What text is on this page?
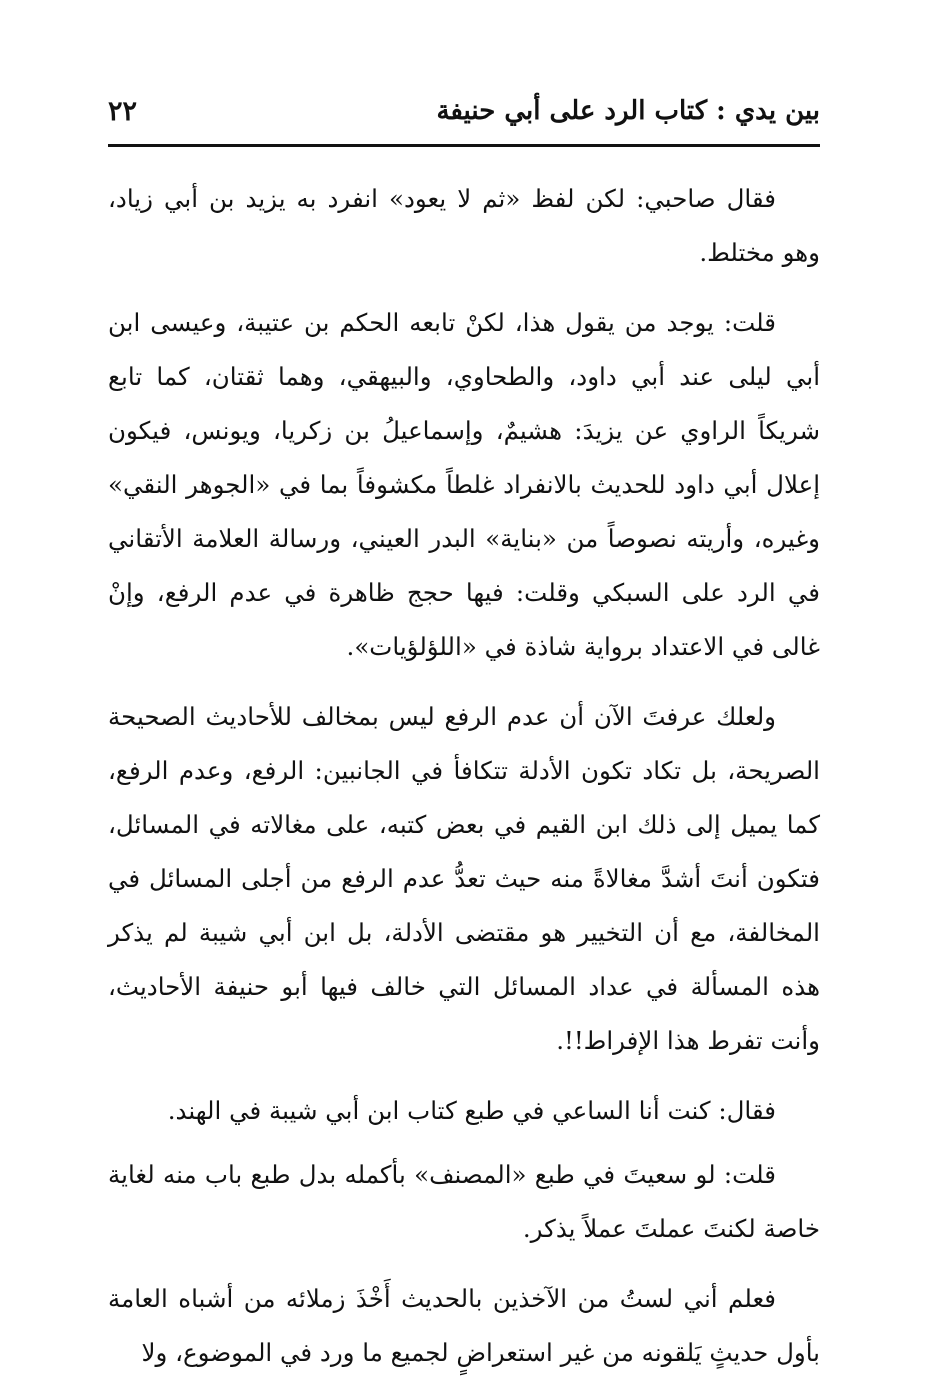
٢٢	بين يدي : كتاب الرد على أبي حنيفة

فقال صاحبي: لكن لفظ «ثم لا يعود» انفرد به يزيد بن أبي زياد، وهو مختلط.

قلت: يوجد من يقول هذا، لكنْ تابعه الحكم بن عتيبة، وعيسى ابن أبي ليلى عند أبي داود، والطحاوي، والبيهقي، وهما ثقتان، كما تابع شريكاً الراوي عن يزيدَ: هشيمٌ، وإسماعيلُ بن زكريا، ويونس، فيكون إعلال أبي داود للحديث بالانفراد غلطاً مكشوفاً بما في «الجوهر النقي» وغيره، وأريته نصوصاً من «بناية» البدر العيني، ورسالة العلامة الأتقاني في الرد على السبكي وقلت: فيها حجج ظاهرة في عدم الرفع، وإنْ غالى في الاعتداد برواية شاذة في «اللؤلؤيات».

ولعلك عرفتَ الآن أن عدم الرفع ليس بمخالف للأحاديث الصحيحة الصريحة، بل تكاد تكون الأدلة تتكافأ في الجانبين: الرفع، وعدم الرفع، كما يميل إلى ذلك ابن القيم في بعض كتبه، على مغالاته في المسائل، فتكون أنتَ أشدَّ مغالاةً منه حيث تعدُّ عدم الرفع من أجلى المسائل في المخالفة، مع أن التخيير هو مقتضى الأدلة، بل ابن أبي شيبة لم يذكر هذه المسألة في عداد المسائل التي خالف فيها أبو حنيفة الأحاديث، وأنت تفرط هذا الإفراط!!.

فقال: كنت أنا الساعي في طبع كتاب ابن أبي شيبة في الهند.

قلت: لو سعيتَ في طبع «المصنف» بأكمله بدل طبع باب منه لغاية خاصة لكنتَ عملتَ عملاً يذكر.

فعلم أني لستُ من الآخذين بالحديث أَخْذَ زملائه من أشباه العامة بأول حديثٍ يَلقونه من غير استعراضٍ لجميع ما ورد في الموضوع، ولا
